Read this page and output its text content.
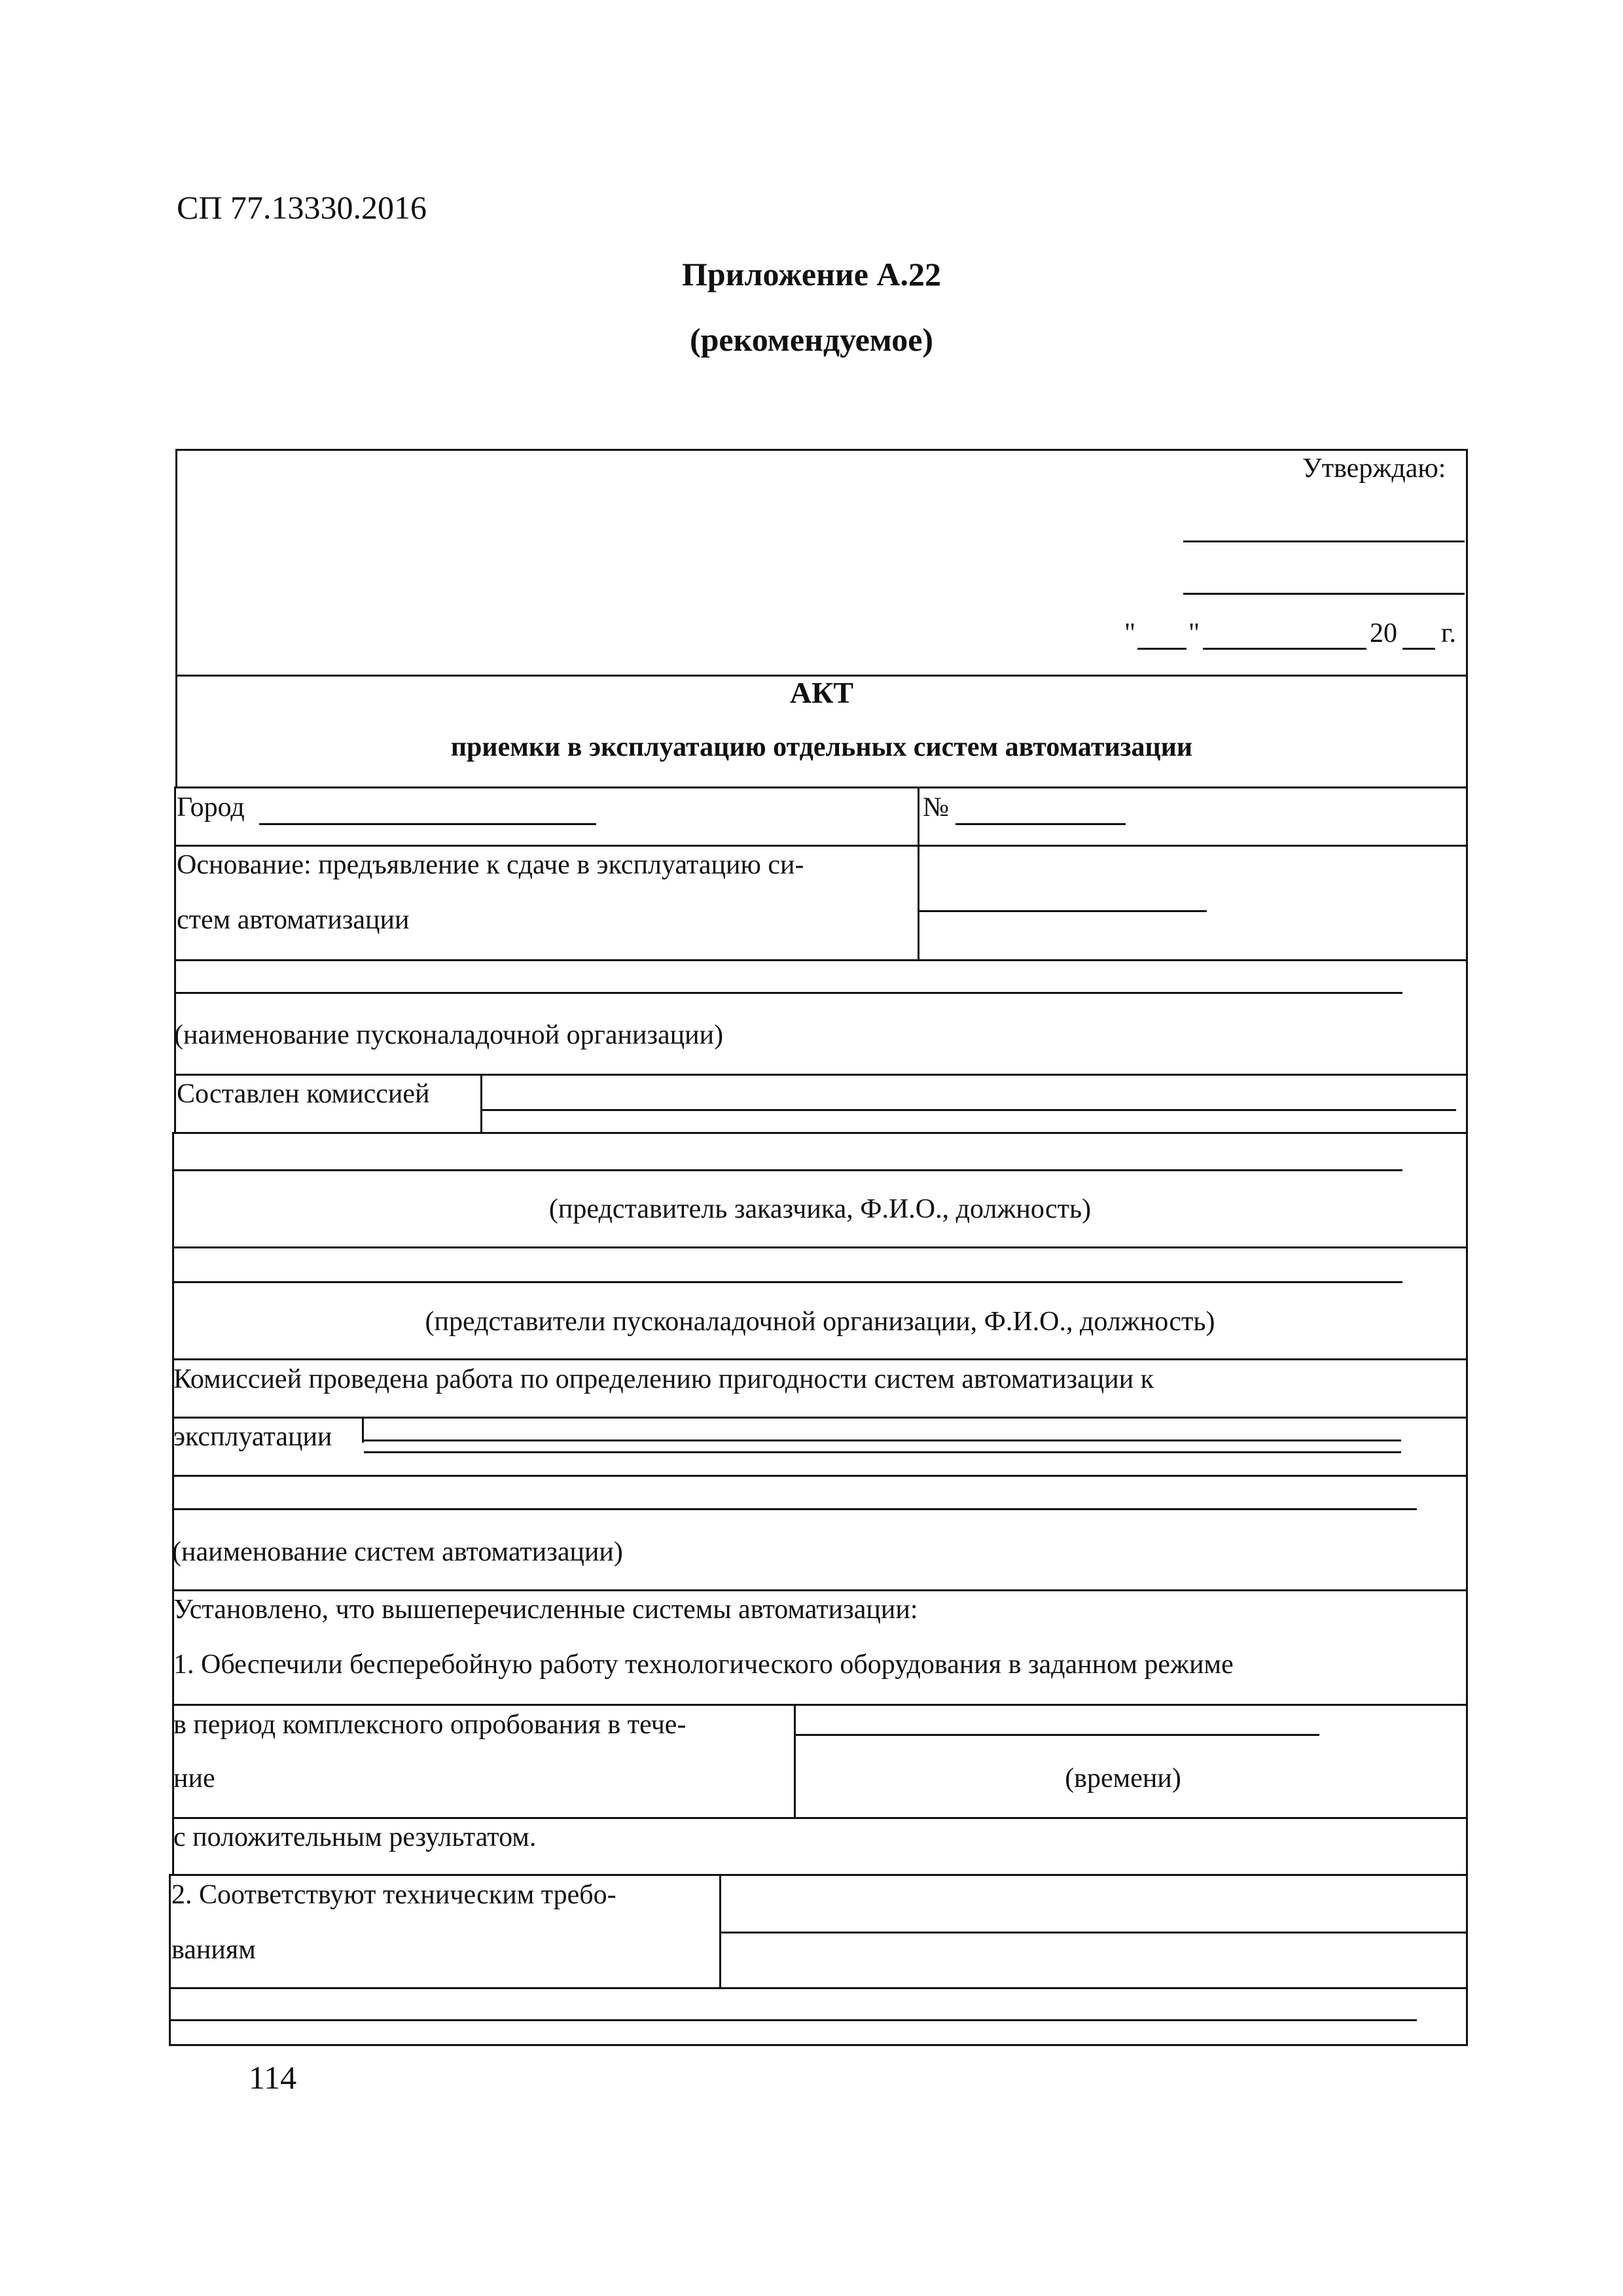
СП 77.13330.2016
Приложение А.22
(рекомендуемое)
Утверждаю:
" "	20 г.
АКТ
приемки в эксплуатацию отдельных систем автоматизации
Город	№
Основание: предъявление к сдаче в эксплуатацию си-
стем автоматизации
(наименование пусконаладочной организации)
Составлен комиссией
(представитель заказчика, Ф.И.О., должность)
(представители пусконаладочной организации, Ф.И.О., должность)
Комиссией проведена работа по определению пригодности систем автоматизации к
эксплуатации
(наименование систем автоматизации)
Установлено, что вышеперечисленные системы автоматизации:
1. Обеспечили бесперебойную работу технологического оборудования в заданном режиме
в период комплексного опробования в тече-
ние	(времени)
с положительным результатом.
2. Соответствуют техническим требо-
ваниям
114
